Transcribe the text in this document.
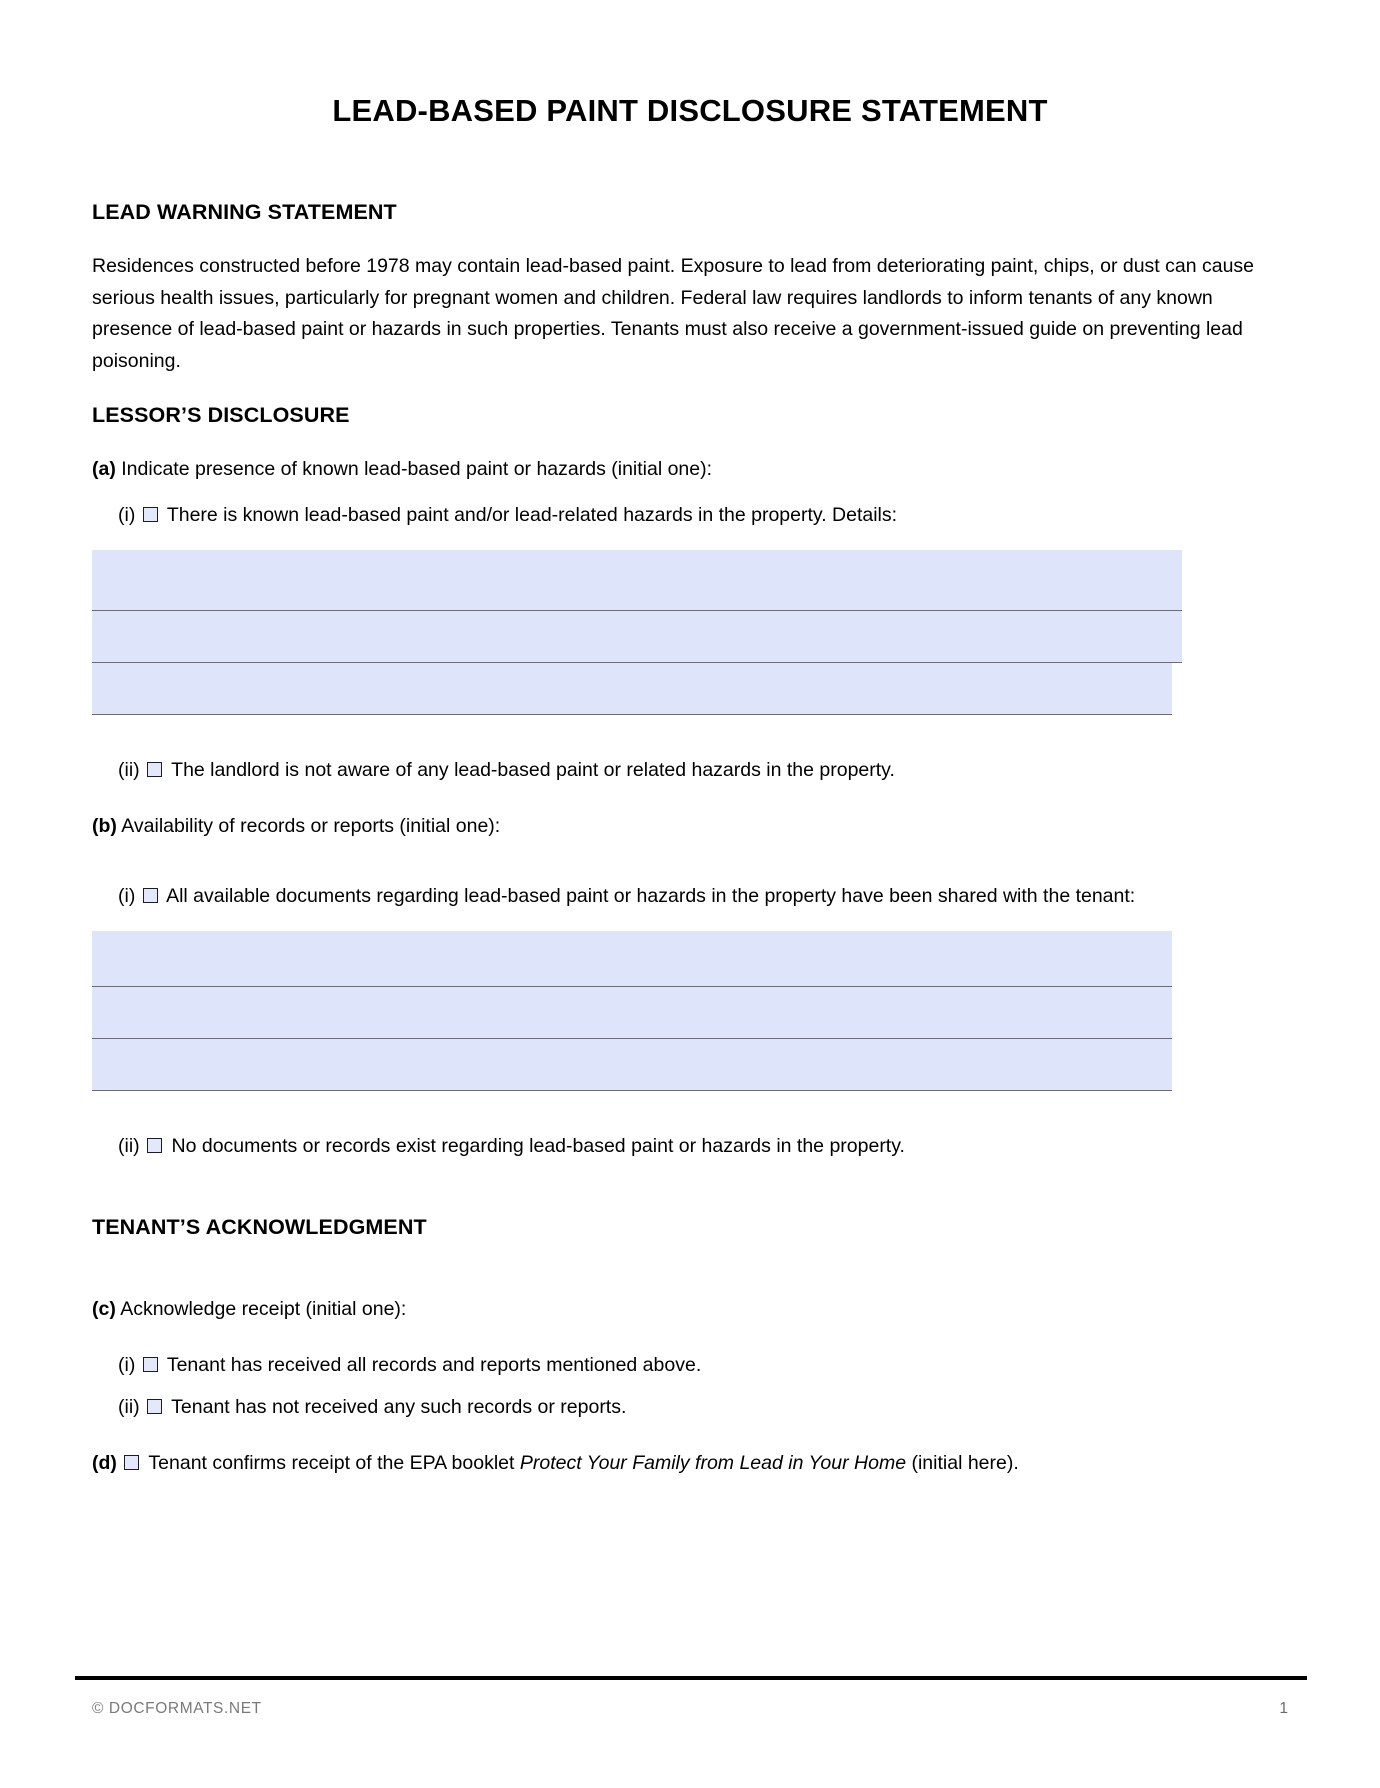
LEAD-BASED PAINT DISCLOSURE STATEMENT
LEAD WARNING STATEMENT
Residences constructed before 1978 may contain lead-based paint. Exposure to lead from deteriorating paint, chips, or dust can cause serious health issues, particularly for pregnant women and children. Federal law requires landlords to inform tenants of any known presence of lead-based paint or hazards in such properties. Tenants must also receive a government-issued guide on preventing lead poisoning.
LESSOR’S DISCLOSURE
(a) Indicate presence of known lead-based paint or hazards (initial one):
(i) There is known lead-based paint and/or lead-related hazards in the property. Details:
(ii) The landlord is not aware of any lead-based paint or related hazards in the property.
(b) Availability of records or reports (initial one):
(i) All available documents regarding lead-based paint or hazards in the property have been shared with the tenant:
(ii) No documents or records exist regarding lead-based paint or hazards in the property.
TENANT’S ACKNOWLEDGMENT
(c) Acknowledge receipt (initial one):
(i) Tenant has received all records and reports mentioned above.
(ii) Tenant has not received any such records or reports.
(d) Tenant confirms receipt of the EPA booklet Protect Your Family from Lead in Your Home (initial here).
© DOCFORMATS.NET	1
